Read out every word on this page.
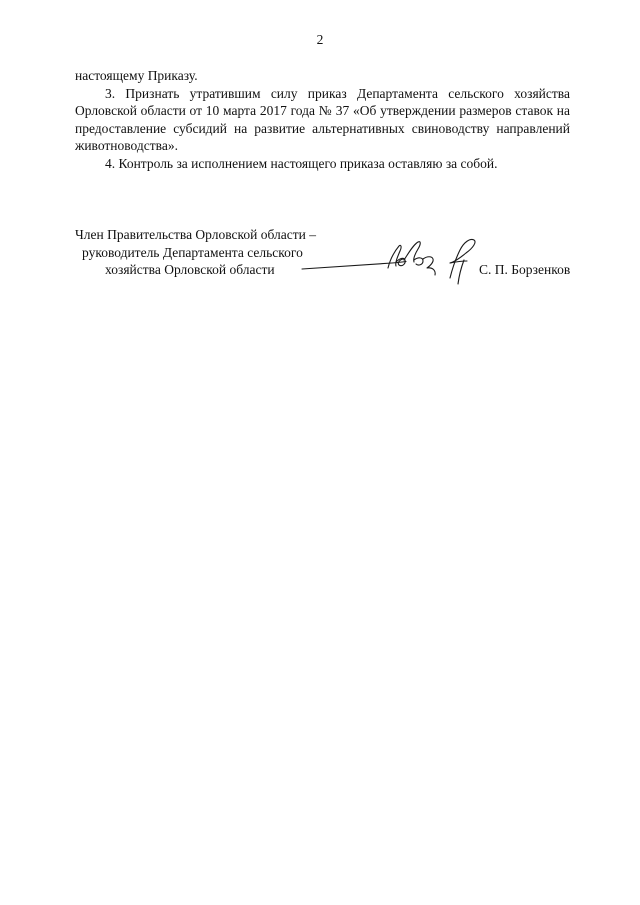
2

настоящему Приказу.

3. Признать утратившим силу приказ Департамента сельского хозяйства Орловской области от 10 марта 2017 года № 37 «Об утверждении размеров ставок на предоставление субсидий на развитие альтернативных свиноводству направлений животноводства».

4. Контроль за исполнением настоящего приказа оставляю за собой.

Член Правительства Орловской области –
руководитель Департамента сельского
хозяйства Орловской области	С. П. Борзенков
